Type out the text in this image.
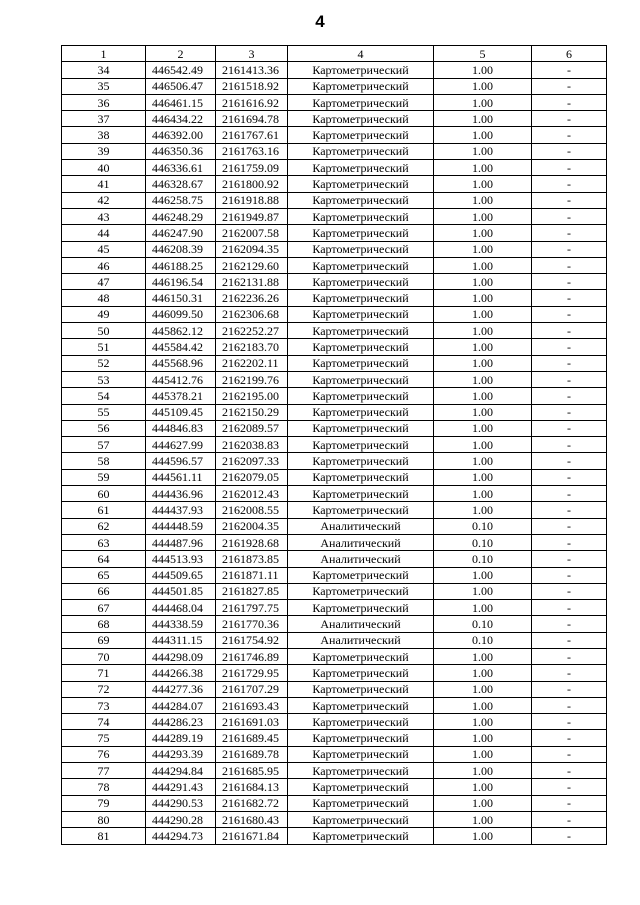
4
1	2	3	4	5	6
34	446542.49	2161413.36	Картометрический	1.00	-
35	446506.47	2161518.92	Картометрический	1.00	-
36	446461.15	2161616.92	Картометрический	1.00	-
37	446434.22	2161694.78	Картометрический	1.00	-
38	446392.00	2161767.61	Картометрический	1.00	-
39	446350.36	2161763.16	Картометрический	1.00	-
40	446336.61	2161759.09	Картометрический	1.00	-
41	446328.67	2161800.92	Картометрический	1.00	-
42	446258.75	2161918.88	Картометрический	1.00	-
43	446248.29	2161949.87	Картометрический	1.00	-
44	446247.90	2162007.58	Картометрический	1.00	-
45	446208.39	2162094.35	Картометрический	1.00	-
46	446188.25	2162129.60	Картометрический	1.00	-
47	446196.54	2162131.88	Картометрический	1.00	-
48	446150.31	2162236.26	Картометрический	1.00	-
49	446099.50	2162306.68	Картометрический	1.00	-
50	445862.12	2162252.27	Картометрический	1.00	-
51	445584.42	2162183.70	Картометрический	1.00	-
52	445568.96	2162202.11	Картометрический	1.00	-
53	445412.76	2162199.76	Картометрический	1.00	-
54	445378.21	2162195.00	Картометрический	1.00	-
55	445109.45	2162150.29	Картометрический	1.00	-
56	444846.83	2162089.57	Картометрический	1.00	-
57	444627.99	2162038.83	Картометрический	1.00	-
58	444596.57	2162097.33	Картометрический	1.00	-
59	444561.11	2162079.05	Картометрический	1.00	-
60	444436.96	2162012.43	Картометрический	1.00	-
61	444437.93	2162008.55	Картометрический	1.00	-
62	444448.59	2162004.35	Аналитический	0.10	-
63	444487.96	2161928.68	Аналитический	0.10	-
64	444513.93	2161873.85	Аналитический	0.10	-
65	444509.65	2161871.11	Картометрический	1.00	-
66	444501.85	2161827.85	Картометрический	1.00	-
67	444468.04	2161797.75	Картометрический	1.00	-
68	444338.59	2161770.36	Аналитический	0.10	-
69	444311.15	2161754.92	Аналитический	0.10	-
70	444298.09	2161746.89	Картометрический	1.00	-
71	444266.38	2161729.95	Картометрический	1.00	-
72	444277.36	2161707.29	Картометрический	1.00	-
73	444284.07	2161693.43	Картометрический	1.00	-
74	444286.23	2161691.03	Картометрический	1.00	-
75	444289.19	2161689.45	Картометрический	1.00	-
76	444293.39	2161689.78	Картометрический	1.00	-
77	444294.84	2161685.95	Картометрический	1.00	-
78	444291.43	2161684.13	Картометрический	1.00	-
79	444290.53	2161682.72	Картометрический	1.00	-
80	444290.28	2161680.43	Картометрический	1.00	-
81	444294.73	2161671.84	Картометрический	1.00	-
